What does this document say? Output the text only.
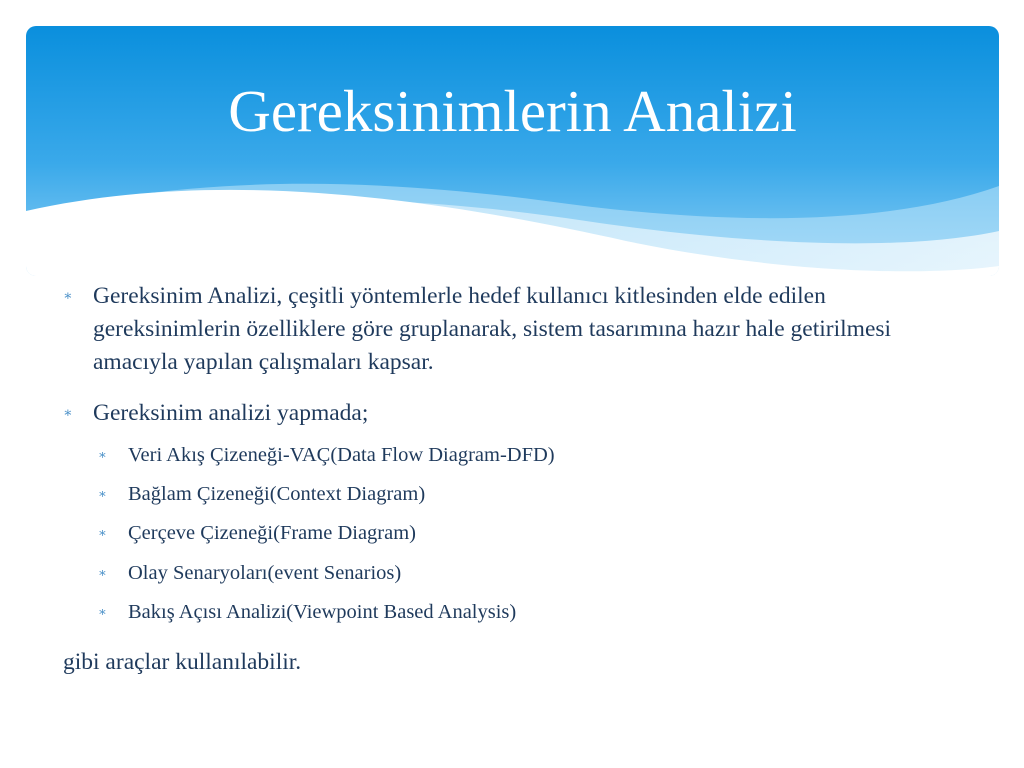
Gereksinimlerin Analizi
∗ Gereksinim Analizi, çeşitli yöntemlerle hedef kullanıcı kitlesinden elde edilen gereksinimlerin özelliklere göre gruplanarak, sistem tasarımına hazır hale getirilmesi amacıyla yapılan çalışmaları kapsar.
∗ Gereksinim analizi yapmada;
∗ Veri Akış Çizeneği-VAÇ(Data Flow Diagram-DFD)
∗ Bağlam Çizeneği(Context Diagram)
∗ Çerçeve Çizeneği(Frame Diagram)
∗ Olay Senaryoları(event Senarios)
∗ Bakış Açısı Analizi(Viewpoint Based Analysis)
gibi araçlar kullanılabilir.
